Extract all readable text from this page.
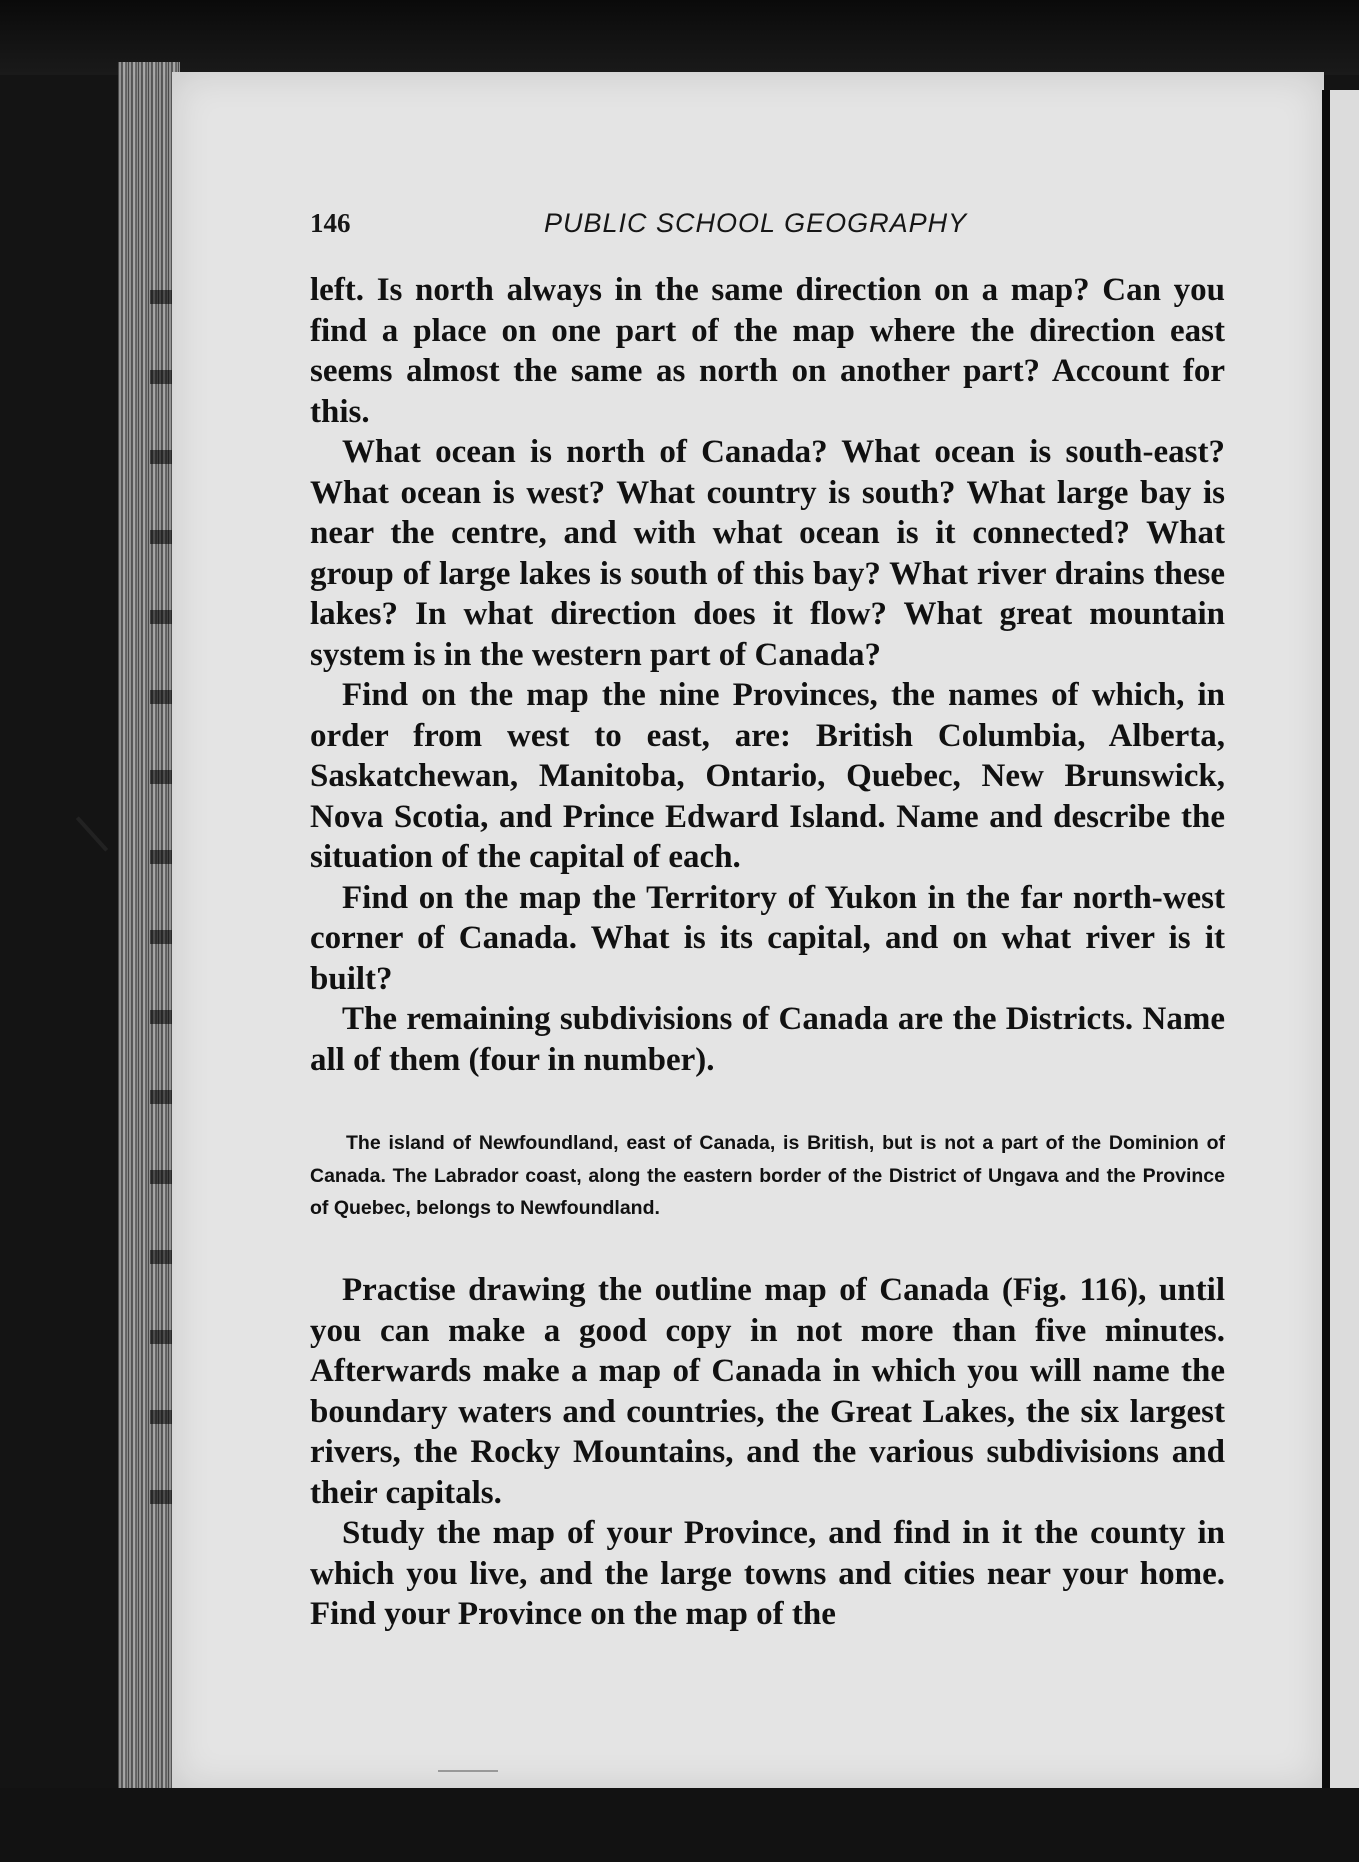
146	PUBLIC SCHOOL GEOGRAPHY

left. Is north always in the same direction on a map? Can you find a place on one part of the map where the direction east seems almost the same as north on another part? Account for this.

What ocean is north of Canada? What ocean is south-east? What ocean is west? What country is south? What large bay is near the centre, and with what ocean is it connected? What group of large lakes is south of this bay? What river drains these lakes? In what direction does it flow? What great mountain system is in the western part of Canada?

Find on the map the nine Provinces, the names of which, in order from west to east, are: British Columbia, Alberta, Saskatchewan, Manitoba, Ontario, Quebec, New Brunswick, Nova Scotia, and Prince Edward Island. Name and describe the situation of the capital of each.

Find on the map the Territory of Yukon in the far north-west corner of Canada. What is its capital, and on what river is it built?

The remaining subdivisions of Canada are the Districts. Name all of them (four in number).

The island of Newfoundland, east of Canada, is British, but is not a part of the Dominion of Canada. The Labrador coast, along the eastern border of the District of Ungava and the Province of Quebec, belongs to Newfoundland.

Practise drawing the outline map of Canada (Fig. 116), until you can make a good copy in not more than five minutes. Afterwards make a map of Canada in which you will name the boundary waters and countries, the Great Lakes, the six largest rivers, the Rocky Mountains, and the various subdivisions and their capitals.

Study the map of your Province, and find in it the county in which you live, and the large towns and cities near your home. Find your Province on the map of the
